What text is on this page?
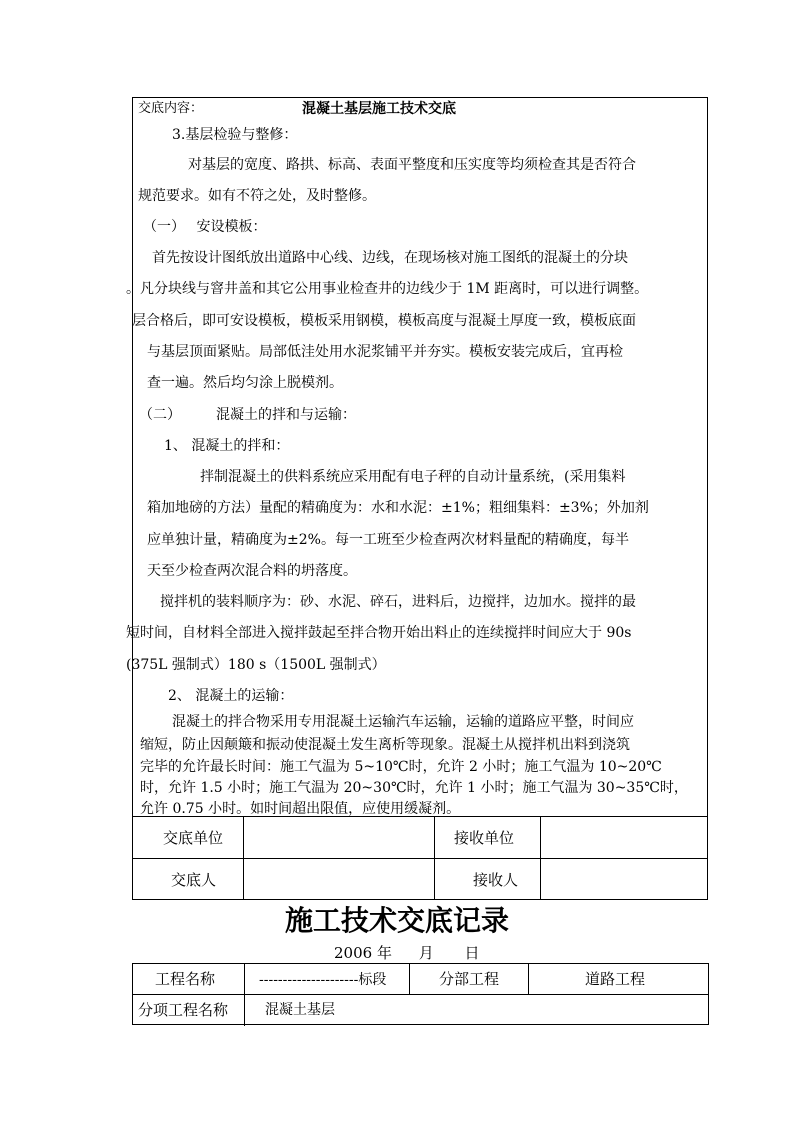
交底内容：	混凝土基层施工技术交底
3.基层检验与整修：
对基层的宽度、路拱、标高、表面平整度和压实度等均须检查其是否符合
规范要求。如有不符之处，及时整修。
（一）　 安设模板：
首先按设计图纸放出道路中心线、边线，在现场核对施工图纸的混凝土的分块
。凡分块线与窨井盖和其它公用事业检查井的边线少于 1M 距离时，可以进行调整。
层合格后，即可安设模板，模板采用钢模，模板高度与混凝土厚度一致，模板底面
与基层顶面紧贴。局部低洼处用水泥浆铺平并夯实。模板安装完成后，宜再检
查一遍。然后均匀涂上脱模剂。
（二）　　　混凝土的拌和与运输：
1、 混凝土的拌和：
拌制混凝土的供料系统应采用配有电子秤的自动计量系统，(采用集料
箱加地磅的方法）量配的精确度为：水和水泥：±1%；粗细集料：±3%；外加剂
应单独计量，精确度为±2%。每一工班至少检查两次材料量配的精确度，每半
天至少检查两次混合料的坍落度。
搅拌机的装料顺序为：砂、水泥、碎石，进料后，边搅拌，边加水。搅拌的最
短时间，自材料全部进入搅拌鼓起至拌合物开始出料止的连续搅拌时间应大于 90s
(375L 强制式）180 s（1500L 强制式）
2、 混凝土的运输：
混凝土的拌合物采用专用混凝土运输汽车运输，运输的道路应平整，时间应
缩短，防止因颠簸和振动使混凝土发生离析等现象。混凝土从搅拌机出料到浇筑
完毕的允许最长时间：施工气温为 5~10℃时，允许 2 小时；施工气温为 10~20℃
时，允许 1.5 小时；施工气温为 20~30℃时，允许 1 小时；施工气温为 30~35℃时，
允许 0.75 小时。如时间超出限值，应使用缓凝剂。
交底单位	接收单位
交底人	接收人
施工技术交底记录
2006 年 月 日
工程名称	---------------------标段	分部工程	道路工程
分项工程名称	混凝土基层
